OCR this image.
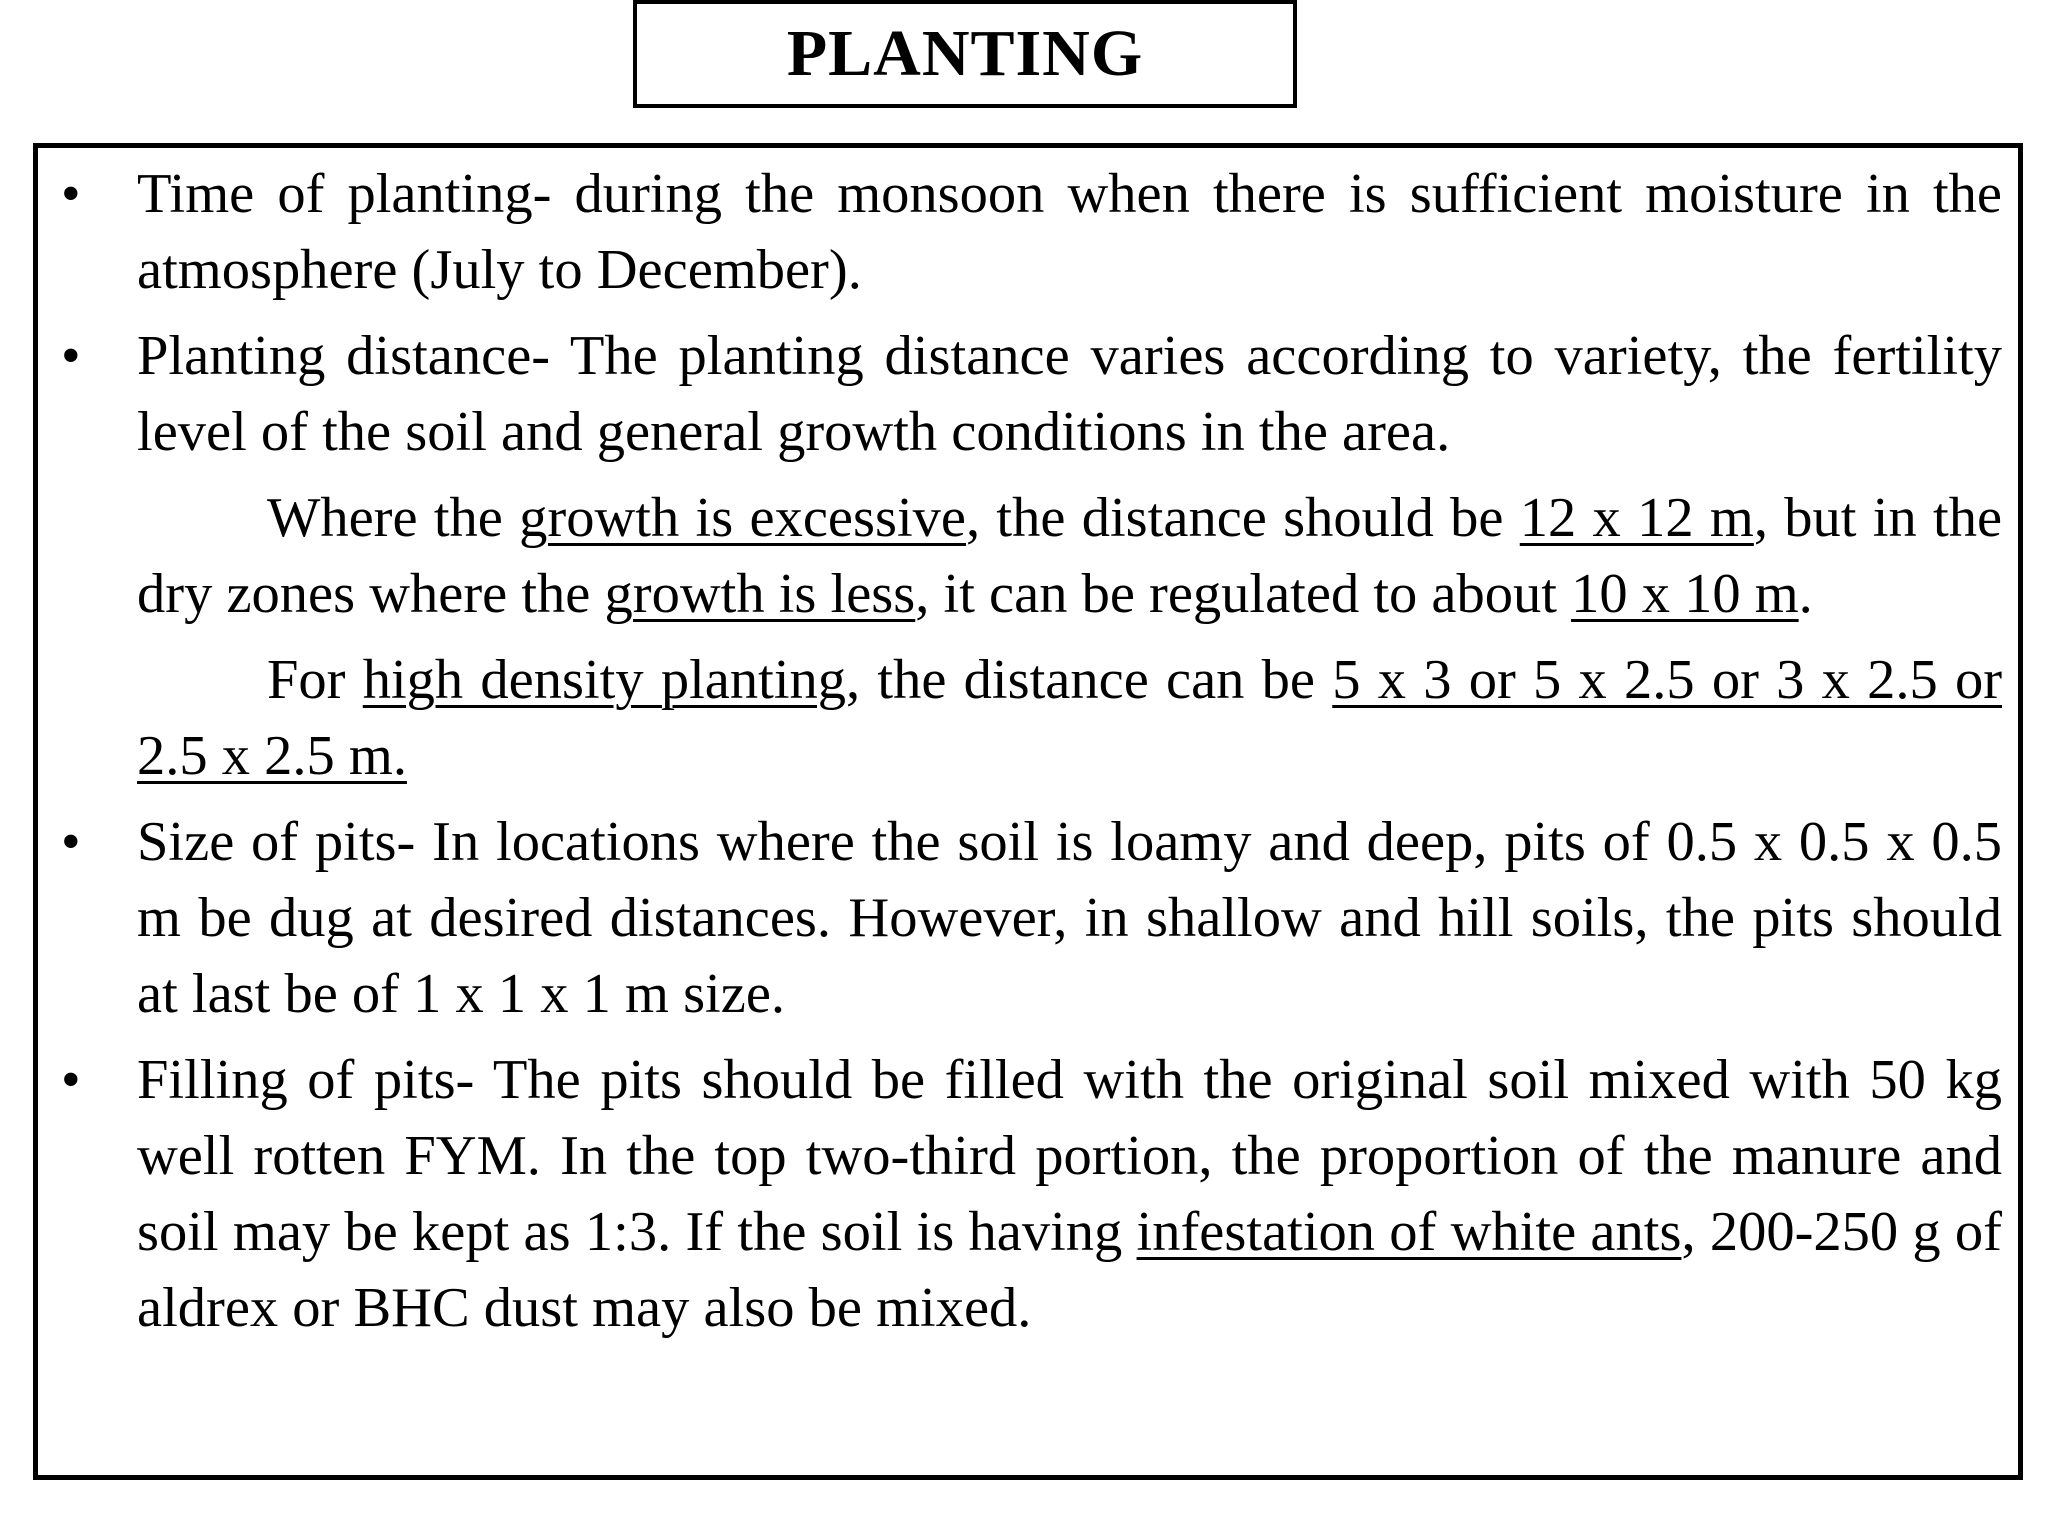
PLANTING

• Time of planting- during the monsoon when there is sufficient moisture in the atmosphere (July to December).

• Planting distance- The planting distance varies according to variety, the fertility level of the soil and general growth conditions in the area.

Where the growth is excessive, the distance should be 12 x 12 m, but in the dry zones where the growth is less, it can be regulated to about 10 x 10 m.

For high density planting, the distance can be 5 x 3 or 5 x 2.5 or 3 x 2.5 or 2.5 x 2.5 m.

• Size of pits- In locations where the soil is loamy and deep, pits of 0.5 x 0.5 x 0.5 m be dug at desired distances. However, in shallow and hill soils, the pits should at last be of 1 x 1 x 1 m size.

• Filling of pits- The pits should be filled with the original soil mixed with 50 kg well rotten FYM. In the top two-third portion, the proportion of the manure and soil may be kept as 1:3. If the soil is having infestation of white ants, 200-250 g of aldrex or BHC dust may also be mixed.
